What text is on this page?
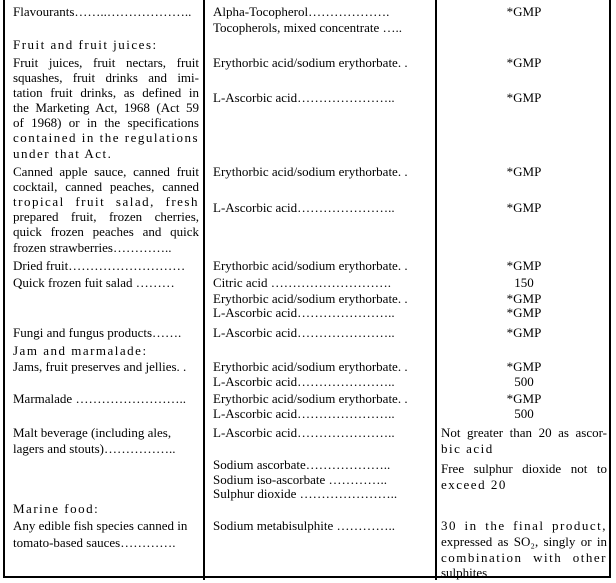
Flavourants……..………………..
Fruit and fruit juices:
Fruit juices, fruit nectars, fruit
squashes, fruit drinks and imi-
tation fruit drinks, as defined in
the Marketing Act, 1968 (Act 59
of 1968) or in the specifications
contained in the regulations
under that Act.
Canned apple sauce, canned fruit
cocktail, canned peaches, canned
tropical fruit salad, fresh
prepared fruit, frozen cherries,
quick frozen peaches and quick
frozen strawberries…………..
Dried fruit………………………
Quick frozen fuit salad ………
Fungi and fungus products…….
Jam and marmalade:
Jams, fruit preserves and jellies. .
Marmalade ……………………..
Malt beverage (including ales,
lagers and stouts)……………..
Marine food:
Any edible fish species canned in
tomato-based sauces………….
Alpha-Tocopherol……………….
Tocopherols, mixed concentrate …..
Erythorbic acid/sodium erythorbate. .
L-Ascorbic acid…………………..
Erythorbic acid/sodium erythorbate. .
L-Ascorbic acid…………………..
Erythorbic acid/sodium erythorbate. .
Citric acid ……………………….
Erythorbic acid/sodium erythorbate. .
L-Ascorbic acid…………………..
L-Ascorbic acid…………………..
Erythorbic acid/sodium erythorbate. .
L-Ascorbic acid…………………..
Erythorbic acid/sodium erythorbate. .
L-Ascorbic acid…………………..
L-Ascorbic acid…………………..
Sodium ascorbate………………..
Sodium iso-ascorbate …………..
Sulphur dioxide …………………..
Sodium metabisulphite …………..
*GMP
*GMP
*GMP
*GMP
*GMP
*GMP
150
*GMP
*GMP
*GMP
*GMP
500
*GMP
500
Not greater than 20 as ascor-
bic acid
Free sulphur dioxide not to
exceed 20
30 in the final product,
expressed as SO₂, singly or in
combination with other
sulphites
